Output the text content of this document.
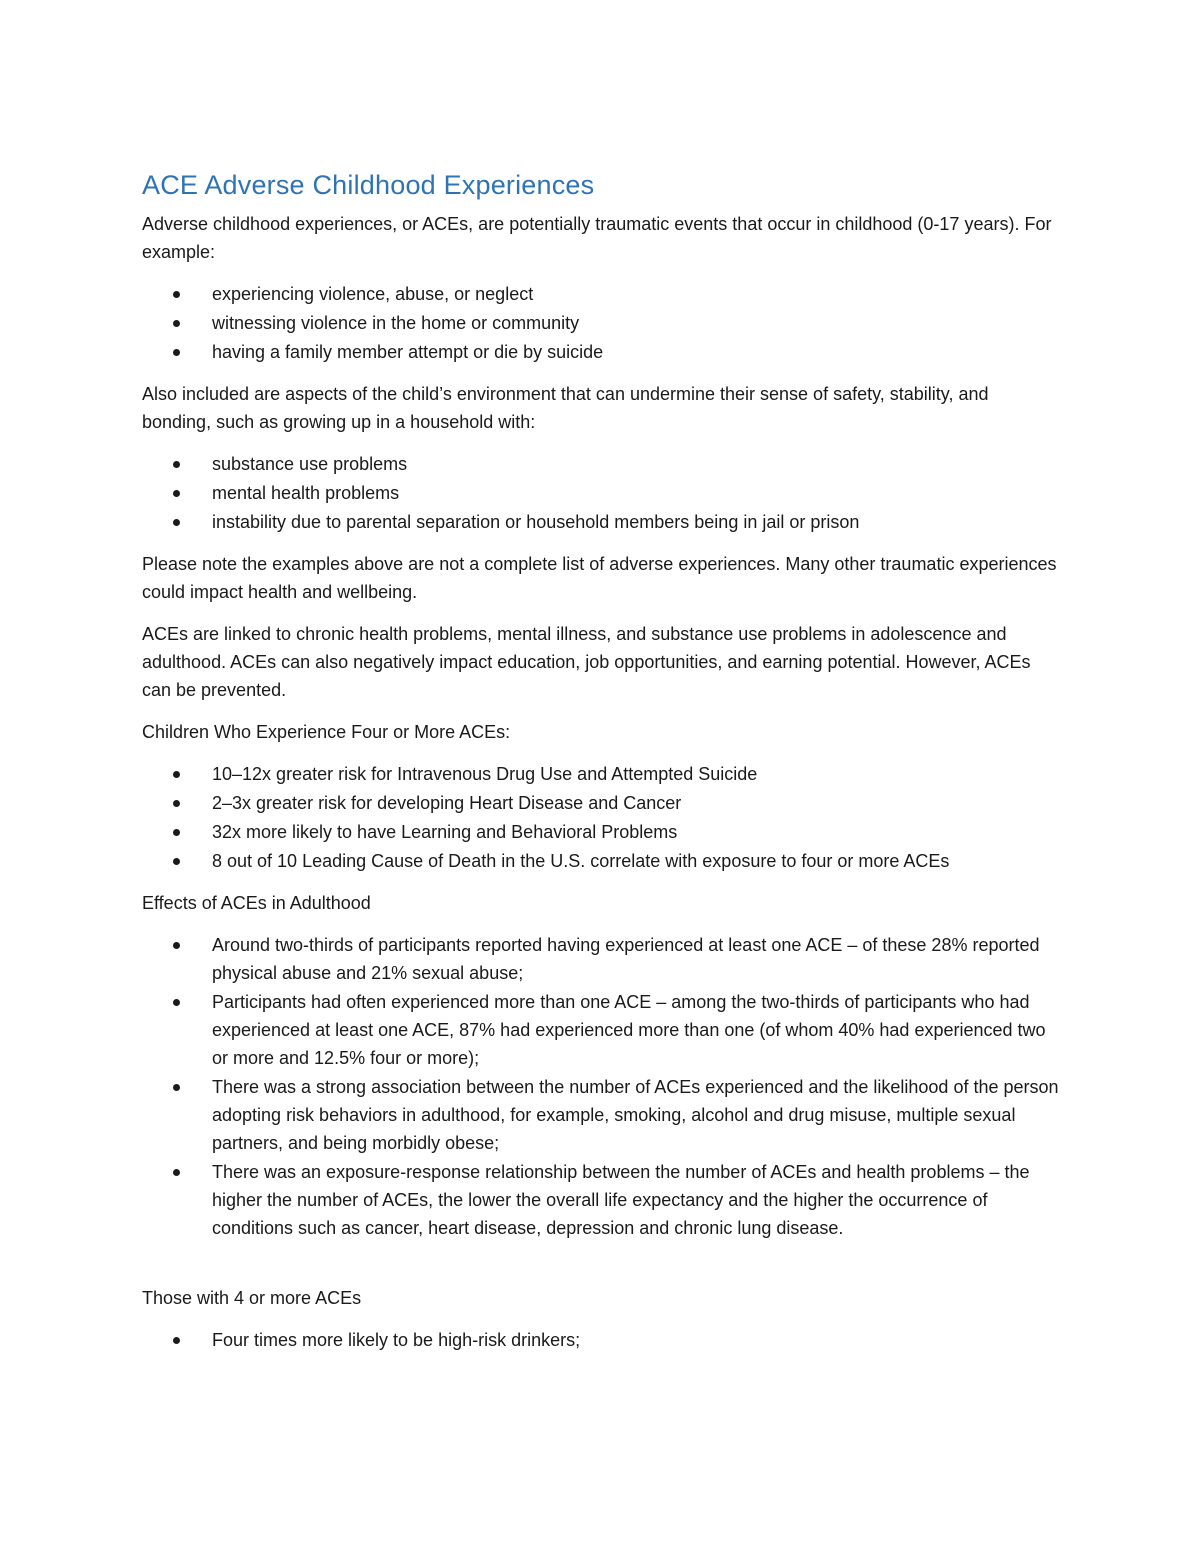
ACE Adverse Childhood Experiences

Adverse childhood experiences, or ACEs, are potentially traumatic events that occur in childhood (0-17 years). For example:

experiencing violence, abuse, or neglect
witnessing violence in the home or community
having a family member attempt or die by suicide

Also included are aspects of the child’s environment that can undermine their sense of safety, stability, and bonding, such as growing up in a household with:

substance use problems
mental health problems
instability due to parental separation or household members being in jail or prison

Please note the examples above are not a complete list of adverse experiences. Many other traumatic experiences could impact health and wellbeing.

ACEs are linked to chronic health problems, mental illness, and substance use problems in adolescence and adulthood. ACEs can also negatively impact education, job opportunities, and earning potential. However, ACEs can be prevented.

Children Who Experience Four or More ACEs:

10–12x greater risk for Intravenous Drug Use and Attempted Suicide
2–3x greater risk for developing Heart Disease and Cancer
32x more likely to have Learning and Behavioral Problems
8 out of 10 Leading Cause of Death in the U.S. correlate with exposure to four or more ACEs

Effects of ACEs in Adulthood

Around two-thirds of participants reported having experienced at least one ACE – of these 28% reported physical abuse and 21% sexual abuse;
Participants had often experienced more than one ACE – among the two-thirds of participants who had experienced at least one ACE, 87% had experienced more than one (of whom 40% had experienced two or more and 12.5% four or more);
There was a strong association between the number of ACEs experienced and the likelihood of the person adopting risk behaviors in adulthood, for example, smoking, alcohol and drug misuse, multiple sexual partners, and being morbidly obese;
There was an exposure-response relationship between the number of ACEs and health problems – the higher the number of ACEs, the lower the overall life expectancy and the higher the occurrence of conditions such as cancer, heart disease, depression and chronic lung disease.

Those with 4 or more ACEs

Four times more likely to be high-risk drinkers;
